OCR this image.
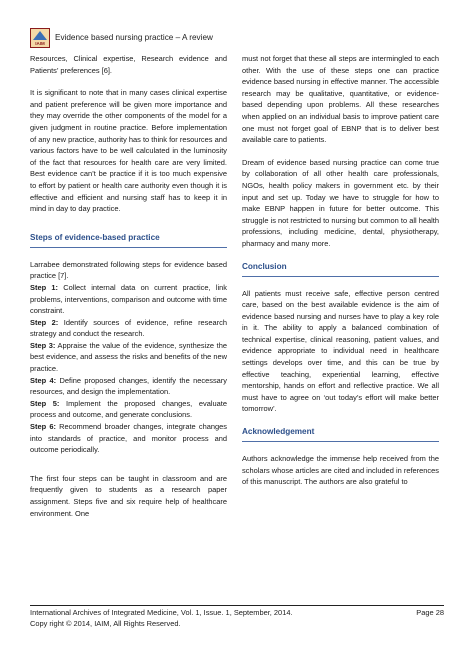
IAIM
Evidence based nursing practice – A review

Resources, Clinical expertise, Research evidence and Patients’ preferences [6].

It is significant to note that in many cases clinical expertise and patient preference will be given more importance and they may override the other components of the model for a given judgment in routine practice. Before implementation of any new practice, authority has to think for resources and various factors have to be well calculated in the luminosity of the fact that resources for health care are very limited. Best evidence can’t be practice if it is too much expensive to effort by patient or health care authority even though it is effective and efficient and nursing staff has to keep it in mind in day to day practice.

Steps of evidence-based practice

Larrabee demonstrated following steps for evidence based practice [7].

Step 1: Collect internal data on current practice, link problems, interventions, comparison and outcome with time constraint.

Step 2: Identify sources of evidence, refine research strategy and conduct the research.

Step 3: Appraise the value of the evidence, synthesize the best evidence, and assess the risks and benefits of the new practice.

Step 4: Define proposed changes, identify the necessary resources, and design the implementation.

Step 5: Implement the proposed changes, evaluate process and outcome, and generate conclusions.

Step 6: Recommend broader changes, integrate changes into standards of practice, and monitor process and outcome periodically.

The first four steps can be taught in classroom and are frequently given to students as a research paper assignment. Steps five and six require help of healthcare environment. One

must not forget that these all steps are intermingled to each other. With the use of these steps one can practice evidence based nursing in effective manner. The accessible research may be qualitative, quantitative, or evidence-based depending upon problems. All these researches when applied on an individual basis to improve patient care one must not forget goal of EBNP that is to deliver best available care to patients.

Dream of evidence based nursing practice can come true by collaboration of all other health care professionals, NGOs, health policy makers in government etc. by their input and set up. Today we have to struggle for how to make EBNP happen in future for better outcome. This struggle is not restricted to nursing but common to all health professions, including medicine, dental, physiotherapy, pharmacy and many more.

Conclusion

All patients must receive safe, effective person centred care, based on the best available evidence is the aim of evidence based nursing and nurses have to play a key role in it. The ability to apply a balanced combination of technical expertise, clinical reasoning, patient values, and evidence appropriate to individual need in healthcare settings develops over time, and this can be true by effective teaching, experiential learning, effective mentorship, hands on effort and reflective practice. We all must have to agree on ‘out today’s effort will make better tomorrow’.

Acknowledgement

Authors acknowledge the immense help received from the scholars whose articles are cited and included in references of this manuscript. The authors are also grateful to

International Archives of Integrated Medicine, Vol. 1, Issue. 1, September, 2014.	Page 28
Copy right © 2014, IAIM, All Rights Reserved.
